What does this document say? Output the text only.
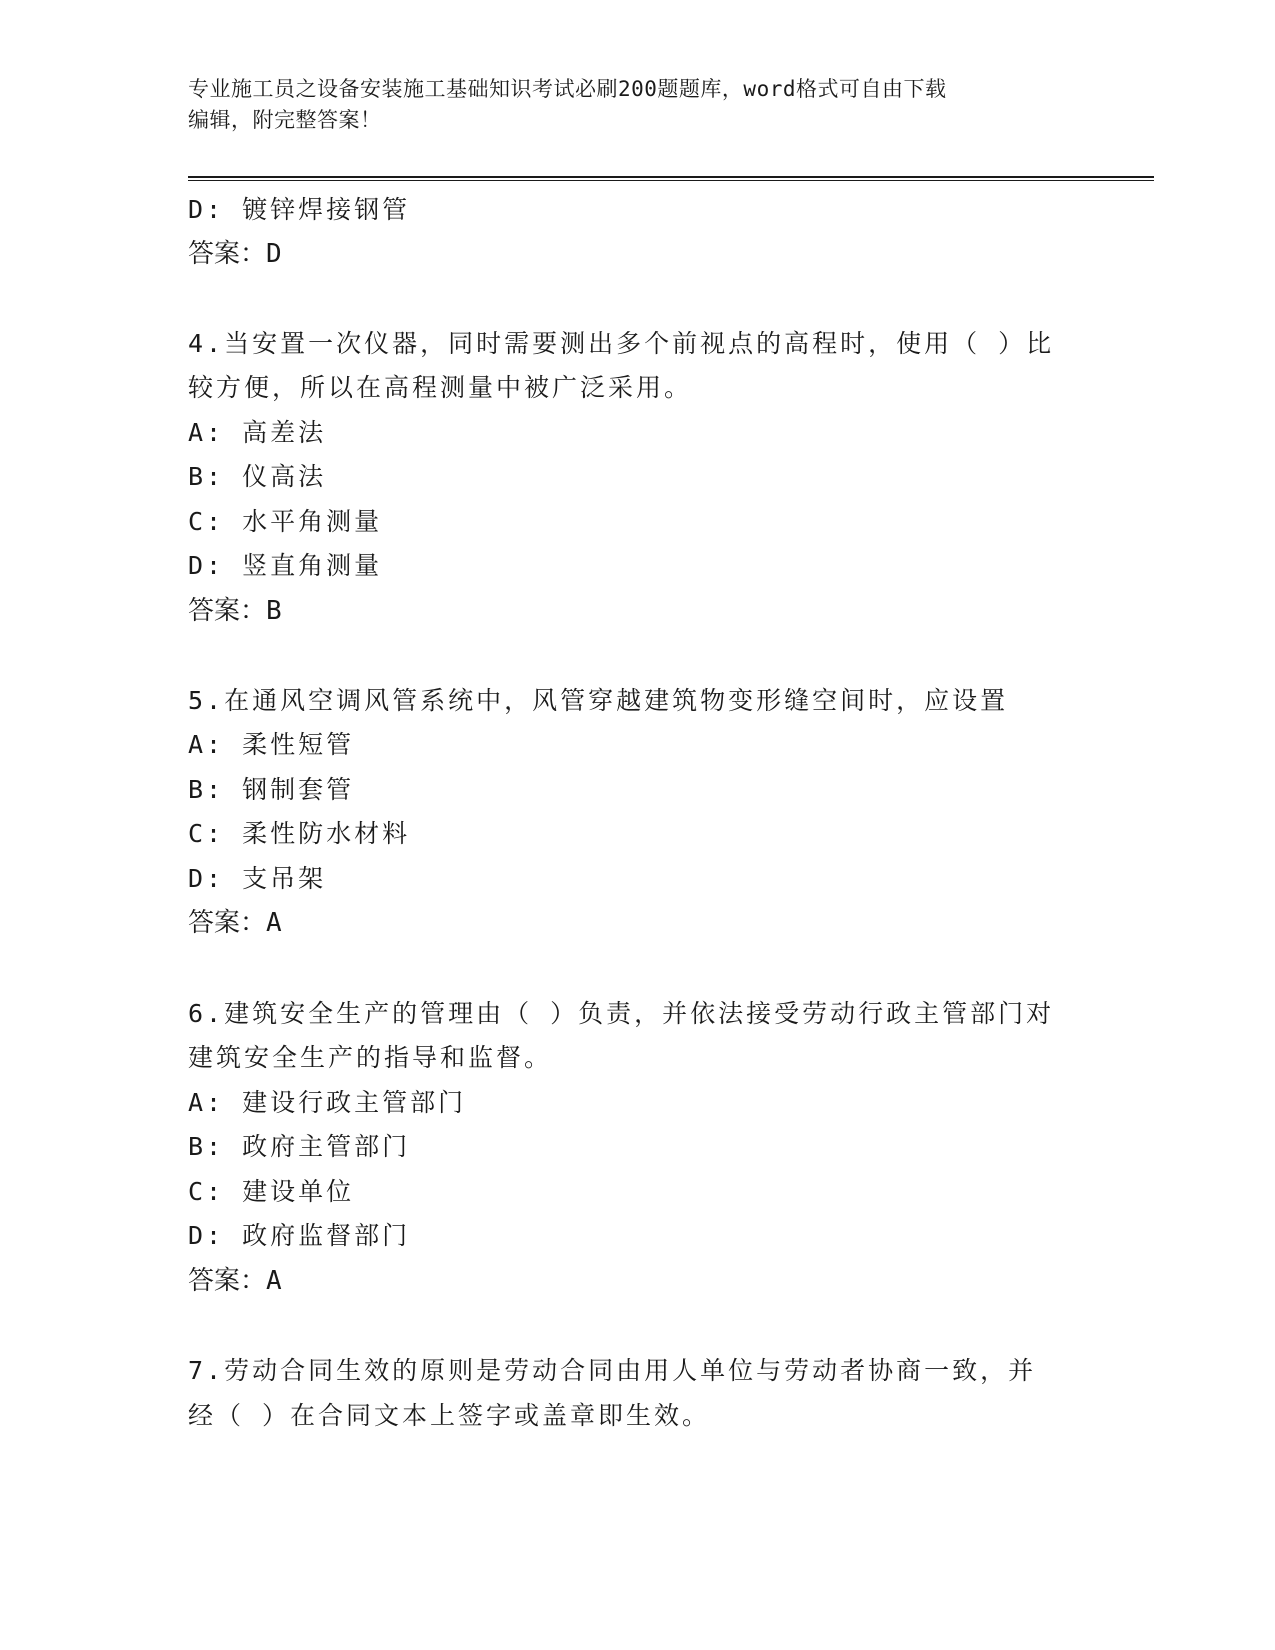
专业施工员之设备安装施工基础知识考试必刷200题题库，word格式可自由下载
编辑，附完整答案！
D: 镀锌焊接钢管
答案：D
4.当安置一次仪器，同时需要测出多个前视点的高程时，使用（ ）比
较方便，所以在高程测量中被广泛采用。
A: 高差法
B: 仪高法
C: 水平角测量
D: 竖直角测量
答案：B
5.在通风空调风管系统中，风管穿越建筑物变形缝空间时，应设置
A: 柔性短管
B: 钢制套管
C: 柔性防水材料
D: 支吊架
答案：A
6.建筑安全生产的管理由（ ）负责，并依法接受劳动行政主管部门对
建筑安全生产的指导和监督。
A: 建设行政主管部门
B: 政府主管部门
C: 建设单位
D: 政府监督部门
答案：A
7.劳动合同生效的原则是劳动合同由用人单位与劳动者协商一致，并
经（ ）在合同文本上签字或盖章即生效。
